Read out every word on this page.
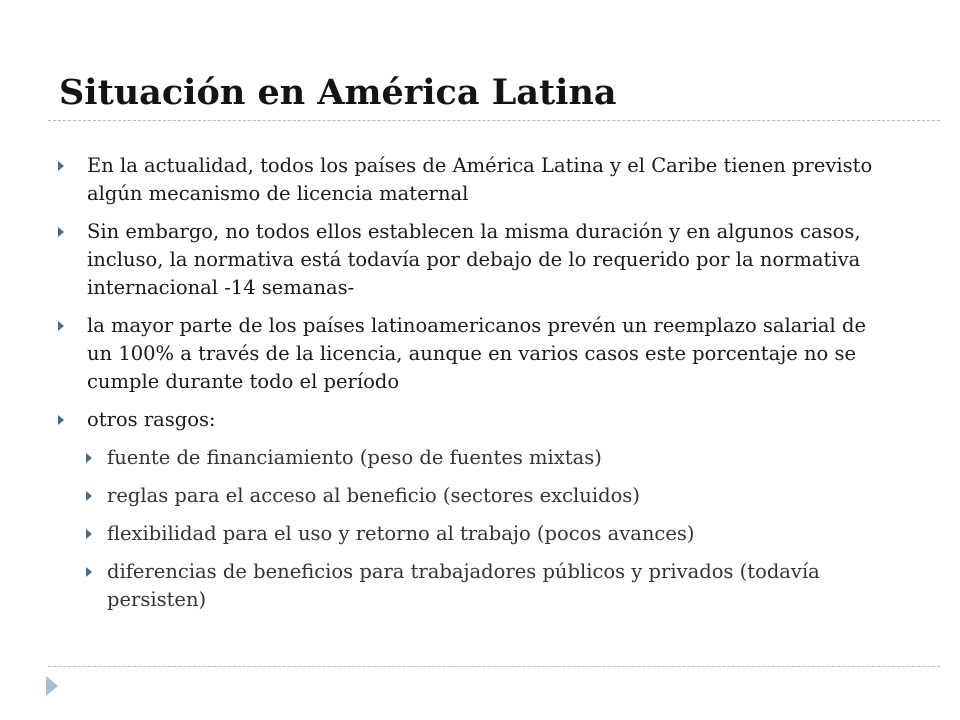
Situación en América Latina
En la actualidad, todos los países de América Latina y el Caribe tienen previsto algún mecanismo de licencia maternal
Sin embargo, no todos ellos establecen la misma duración y en algunos casos, incluso, la normativa está todavía por debajo de lo requerido por la normativa internacional -14 semanas-
la mayor parte de los países latinoamericanos prevén un reemplazo salarial de un 100% a través de la licencia, aunque en varios casos este porcentaje no se cumple durante todo el período
otros rasgos:
fuente de financiamiento (peso de fuentes mixtas)
reglas para el acceso al beneficio (sectores excluidos)
flexibilidad para el uso y retorno al trabajo (pocos avances)
diferencias de beneficios para trabajadores públicos y privados (todavía persisten)
